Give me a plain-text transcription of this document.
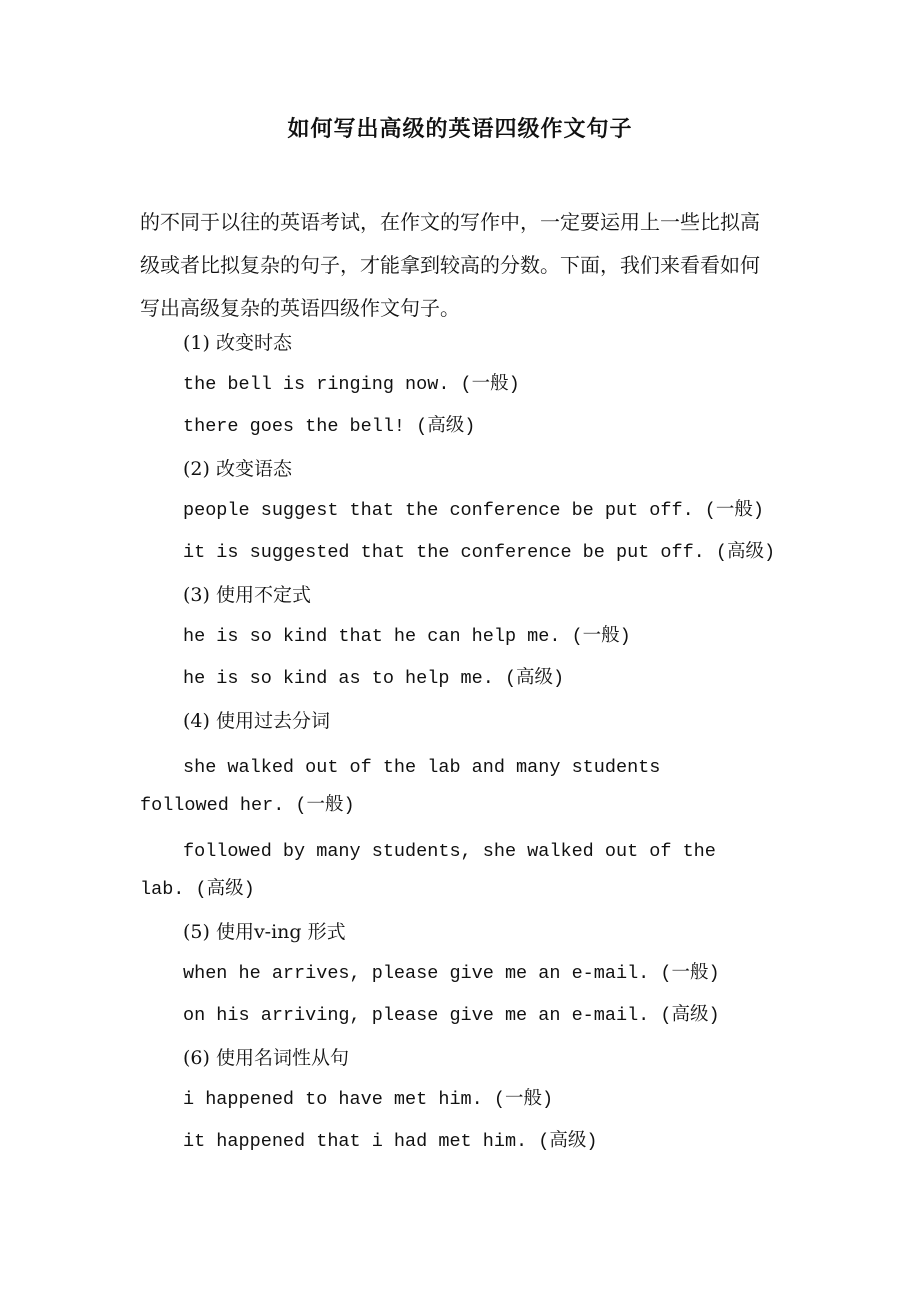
如何写出高级的英语四级作文句子
的不同于以往的英语考试，在作文的写作中，一定要运用上一些比拟高级或者比拟复杂的句子，才能拿到较高的分数。下面，我们来看看如何写出高级复杂的英语四级作文句子。
(1) 改变时态
the bell is ringing now. (一般)
there goes the bell! (高级)
(2) 改变语态
people suggest that the conference be put off. (一般)
it is suggested that the conference be put off. (高级)
(3) 使用不定式
he is so kind that he can help me. (一般)
he is so kind as to help me. (高级)
(4) 使用过去分词
she walked out of the lab and many students followed her. (一般)
followed by many students, she walked out of the lab. (高级)
(5) 使用v-ing 形式
when he arrives, please give me an e-mail. (一般)
on his arriving, please give me an e-mail. (高级)
(6) 使用名词性从句
i happened to have met him. (一般)
it happened that i had met him. (高级)
